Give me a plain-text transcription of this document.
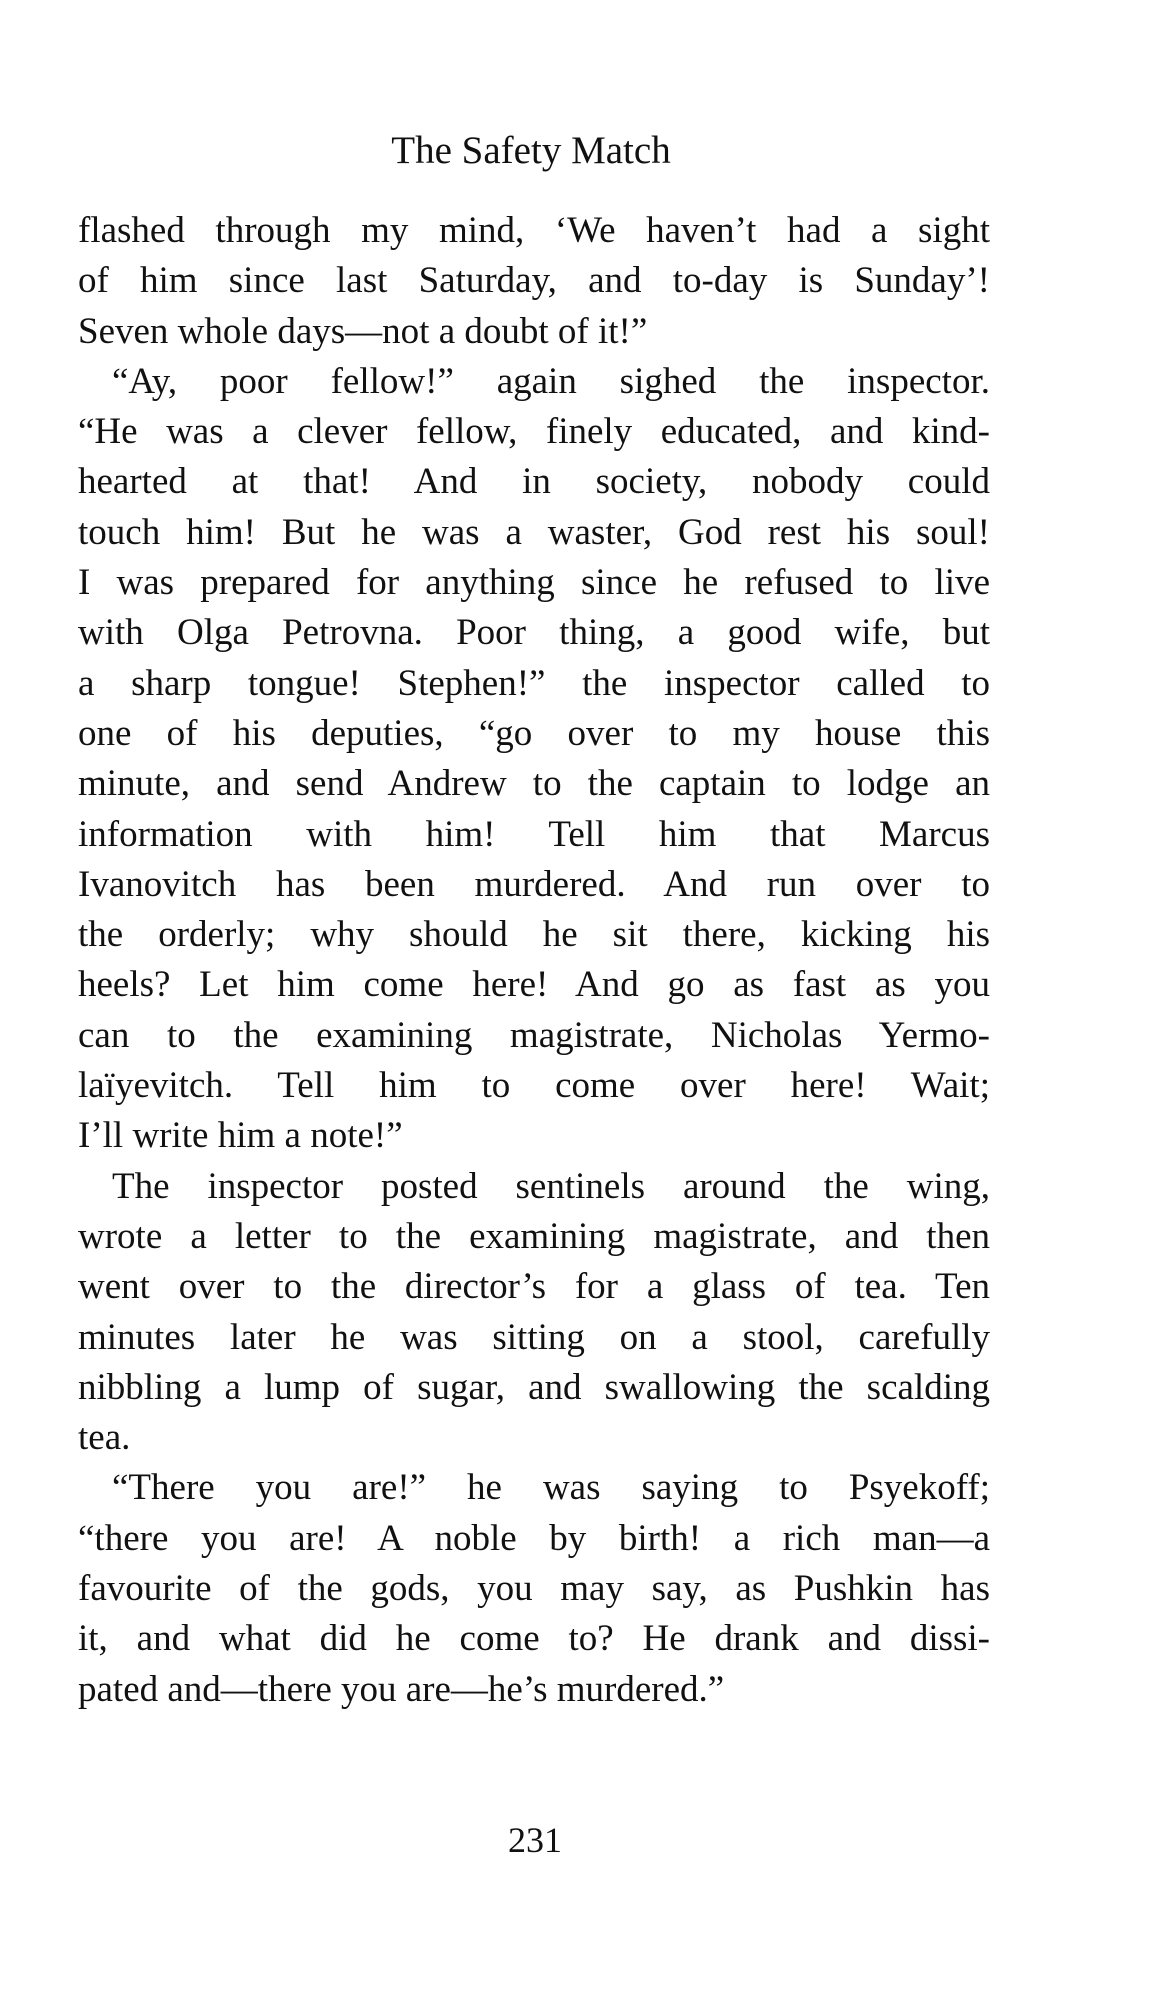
The Safety Match
flashed through my mind, ‘We haven’t had a sight
of him since last Saturday, and to-day is Sunday’!
Seven whole days—not a doubt of it!”
“Ay, poor fellow!” again sighed the inspector.
“He was a clever fellow, finely educated, and kind-
hearted at that! And in society, nobody could
touch him! But he was a waster, God rest his soul!
I was prepared for anything since he refused to live
with Olga Petrovna. Poor thing, a good wife, but
a sharp tongue! Stephen!” the inspector called to
one of his deputies, “go over to my house this
minute, and send Andrew to the captain to lodge an
information with him! Tell him that Marcus
Ivanovitch has been murdered. And run over to
the orderly; why should he sit there, kicking his
heels? Let him come here! And go as fast as you
can to the examining magistrate, Nicholas Yermo-
laïyevitch. Tell him to come over here! Wait;
I’ll write him a note!”
The inspector posted sentinels around the wing,
wrote a letter to the examining magistrate, and then
went over to the director’s for a glass of tea. Ten
minutes later he was sitting on a stool, carefully
nibbling a lump of sugar, and swallowing the scalding
tea.
“There you are!” he was saying to Psyekoff;
“there you are! A noble by birth! a rich man—a
favourite of the gods, you may say, as Pushkin has
it, and what did he come to? He drank and dissi-
pated and—there you are—he’s murdered.”
231
